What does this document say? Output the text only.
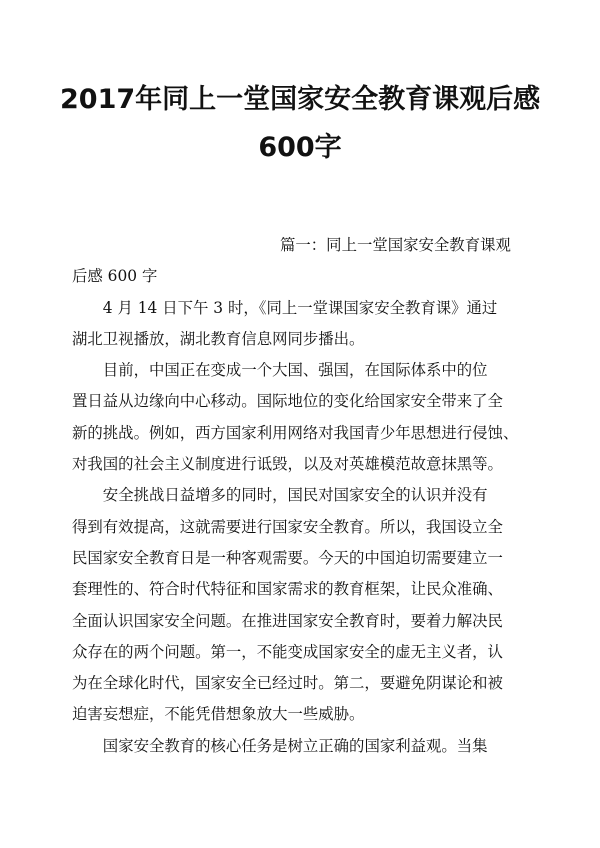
2017年同上一堂国家安全教育课观后感
600字

篇一：同上一堂国家安全教育课观
后感 600 字

4 月 14 日下午 3 时，《同上一堂课国家安全教育课》通过
湖北卫视播放，湖北教育信息网同步播出。

目前，中国正在变成一个大国、强国，在国际体系中的位
置日益从边缘向中心移动。国际地位的变化给国家安全带来了全
新的挑战。例如，西方国家利用网络对我国青少年思想进行侵蚀、
对我国的社会主义制度进行诋毁，以及对英雄模范故意抹黑等。

安全挑战日益增多的同时，国民对国家安全的认识并没有
得到有效提高，这就需要进行国家安全教育。所以，我国设立全
民国家安全教育日是一种客观需要。今天的中国迫切需要建立一
套理性的、符合时代特征和国家需求的教育框架，让民众准确、
全面认识国家安全问题。在推进国家安全教育时，要着力解决民
众存在的两个问题。第一，不能变成国家安全的虚无主义者，认
为在全球化时代，国家安全已经过时。第二，要避免阴谋论和被
迫害妄想症，不能凭借想象放大一些威胁。

国家安全教育的核心任务是树立正确的国家利益观。当集
